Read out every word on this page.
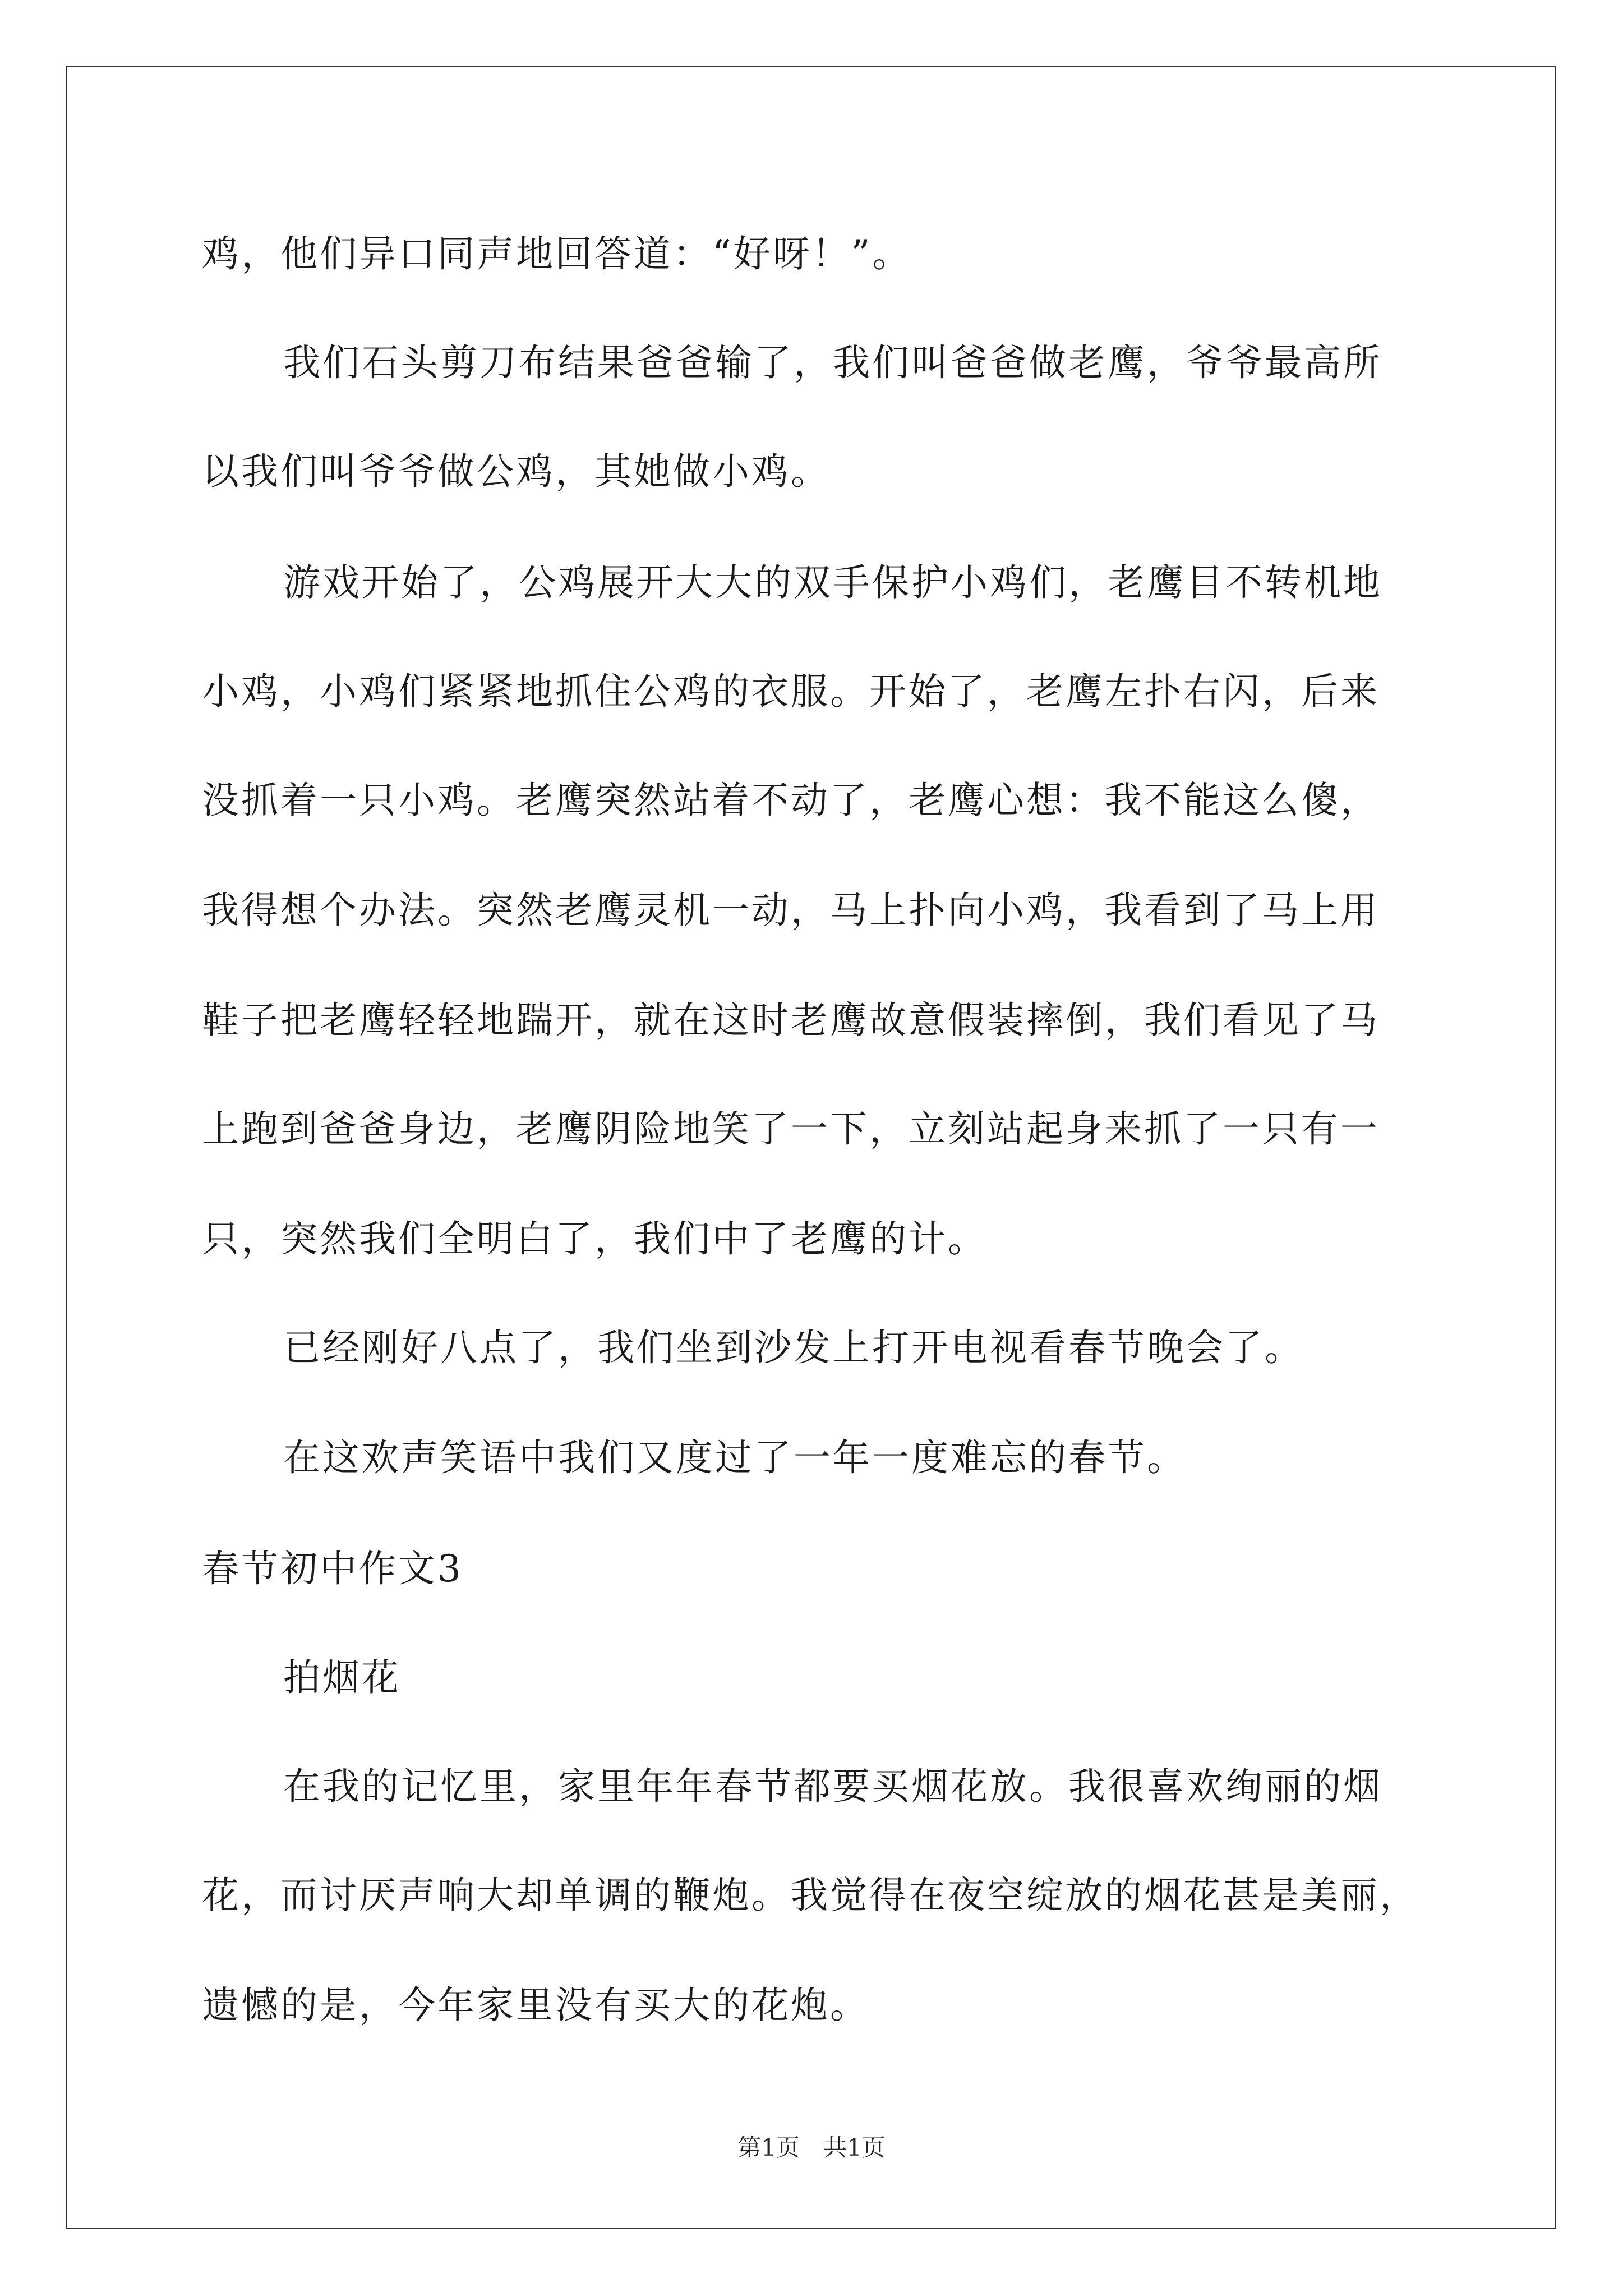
鸡，他们异口同声地回答道：“好呀！”。
我们石头剪刀布结果爸爸输了，我们叫爸爸做老鹰，爷爷最高所
以我们叫爷爷做公鸡，其她做小鸡。
游戏开始了，公鸡展开大大的双手保护小鸡们，老鹰目不转机地
小鸡，小鸡们紧紧地抓住公鸡的衣服。开始了，老鹰左扑右闪，后来
没抓着一只小鸡。老鹰突然站着不动了，老鹰心想：我不能这么傻，
我得想个办法。突然老鹰灵机一动，马上扑向小鸡，我看到了马上用
鞋子把老鹰轻轻地踹开，就在这时老鹰故意假装摔倒，我们看见了马
上跑到爸爸身边，老鹰阴险地笑了一下，立刻站起身来抓了一只有一
只，突然我们全明白了，我们中了老鹰的计。
已经刚好八点了，我们坐到沙发上打开电视看春节晚会了。
在这欢声笑语中我们又度过了一年一度难忘的春节。
春节初中作文3
拍烟花
在我的记忆里，家里年年春节都要买烟花放。我很喜欢绚丽的烟
花，而讨厌声响大却单调的鞭炮。我觉得在夜空绽放的烟花甚是美丽，
遗憾的是，今年家里没有买大的花炮。
第1页　共1页
